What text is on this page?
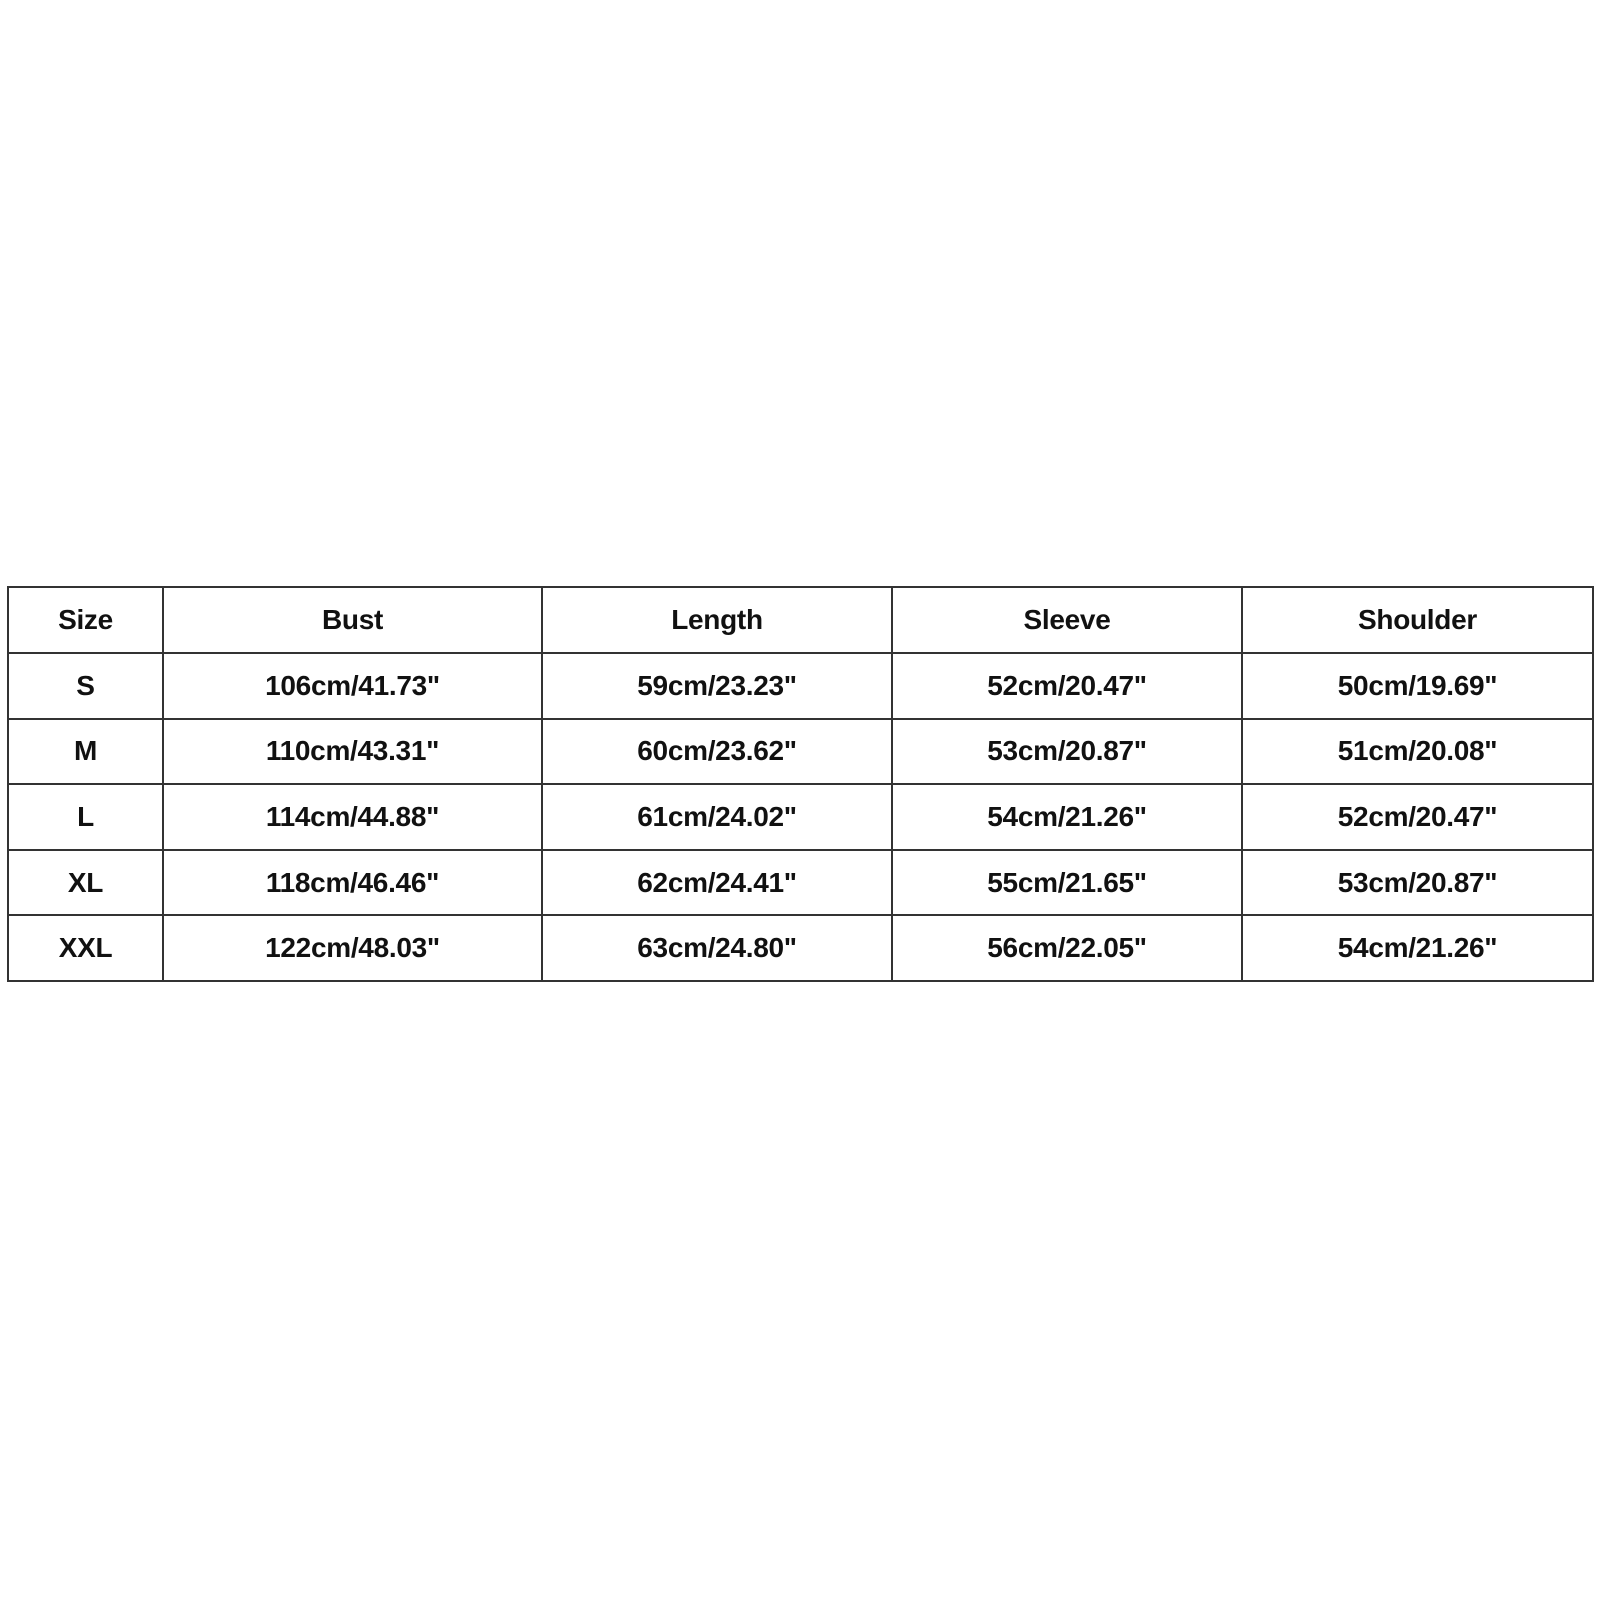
Size	Bust	Length	Sleeve	Shoulder
S	106cm/41.73"	59cm/23.23"	52cm/20.47"	50cm/19.69"
M	110cm/43.31"	60cm/23.62"	53cm/20.87"	51cm/20.08"
L	114cm/44.88"	61cm/24.02"	54cm/21.26"	52cm/20.47"
XL	118cm/46.46"	62cm/24.41"	55cm/21.65"	53cm/20.87"
XXL	122cm/48.03"	63cm/24.80"	56cm/22.05"	54cm/21.26"
